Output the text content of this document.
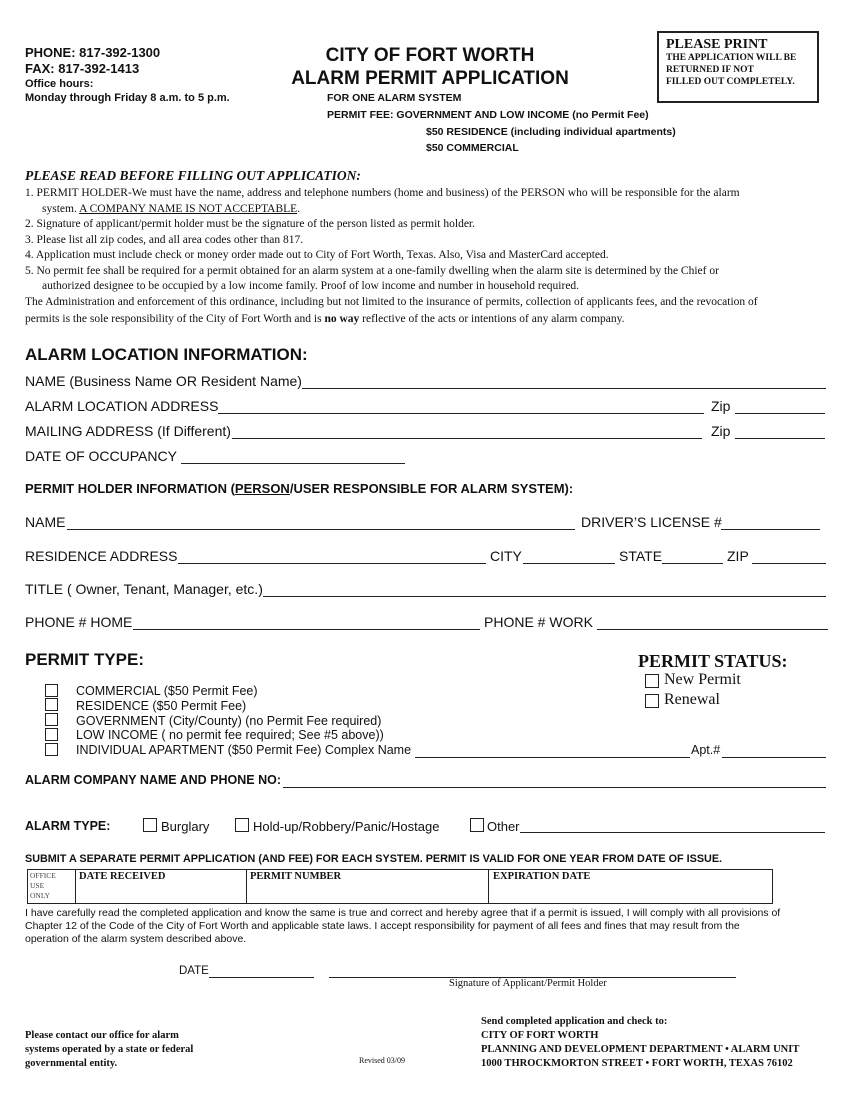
PHONE: 817-392-1300
FAX: 817-392-1413
Office hours:
Monday through Friday 8 a.m. to 5 p.m.
CITY OF FORT WORTH
ALARM PERMIT APPLICATION
FOR ONE ALARM SYSTEM
PERMIT FEE: GOVERNMENT AND LOW INCOME (no Permit Fee)
$50 RESIDENCE (including individual apartments)
$50 COMMERCIAL
PLEASE PRINT
THE APPLICATION WILL BE
RETURNED IF NOT
FILLED OUT COMPLETELY.
PLEASE READ BEFORE FILLING OUT APPLICATION:

1. PERMIT HOLDER-We must have the name, address and telephone numbers (home and business) of the PERSON who will be responsible for the alarm

system. A COMPANY NAME IS NOT ACCEPTABLE.

2. Signature of applicant/permit holder must be the signature of the person listed as permit holder.

3. Please list all zip codes, and all area codes other than 817.

4. Application must include check or money order made out to City of Fort Worth, Texas. Also, Visa and MasterCard accepted.

5. No permit fee shall be required for a permit obtained for an alarm system at a one-family dwelling when the alarm site is determined by the Chief or

authorized designee to be occupied by a low income family. Proof of low income and number in household required.

The Administration and enforcement of this ordinance, including but not limited to the insurance of permits, collection of applicants fees, and the revocation of

permits is the sole responsibility of the City of Fort Worth and is no way reflective of the acts or intentions of any alarm company.

ALARM LOCATION INFORMATION:
NAME (Business Name OR Resident Name)
ALARM LOCATION ADDRESS	Zip
MAILING ADDRESS (If Different)	Zip
DATE OF OCCUPANCY
PERMIT HOLDER INFORMATION (PERSON/USER RESPONSIBLE FOR ALARM SYSTEM):
NAME	DRIVER’S LICENSE #
RESIDENCE ADDRESS	CITY	STATE	ZIP
TITLE ( Owner, Tenant, Manager, etc.)
PHONE # HOME	PHONE # WORK
PERMIT TYPE:
COMMERCIAL ($50 Permit Fee)
RESIDENCE ($50 Permit Fee)
GOVERNMENT (City/County) (no Permit Fee required)
LOW INCOME ( no permit fee required; See #5 above))
INDIVIDUAL APARTMENT ($50 Permit Fee) Complex Name	Apt.#
PERMIT STATUS:
New Permit
Renewal
ALARM COMPANY NAME AND PHONE NO:
ALARM TYPE:	Burglary	Hold-up/Robbery/Panic/Hostage	Other
SUBMIT A SEPARATE PERMIT APPLICATION (AND FEE) FOR EACH SYSTEM. PERMIT IS VALID FOR ONE YEAR FROM DATE OF ISSUE.
OFFICE
USE
ONLY
DATE RECEIVED	PERMIT NUMBER	EXPIRATION DATE
I have carefully read the completed application and know the same is true and correct and hereby agree that if a permit is issued, I will comply with all provisions of
Chapter 12 of the Code of the City of Fort Worth and applicable state laws. I accept responsibility for payment of all fees and fines that may result from the
operation of the alarm system described above.
DATE
Signature of Applicant/Permit Holder
Please contact our office for alarm
systems operated by a state or federal
governmental entity.	Revised 03/09
Send completed application and check to:
CITY OF FORT WORTH
PLANNING AND DEVELOPMENT DEPARTMENT • ALARM UNIT
1000 THROCKMORTON STREET • FORT WORTH, TEXAS 76102
